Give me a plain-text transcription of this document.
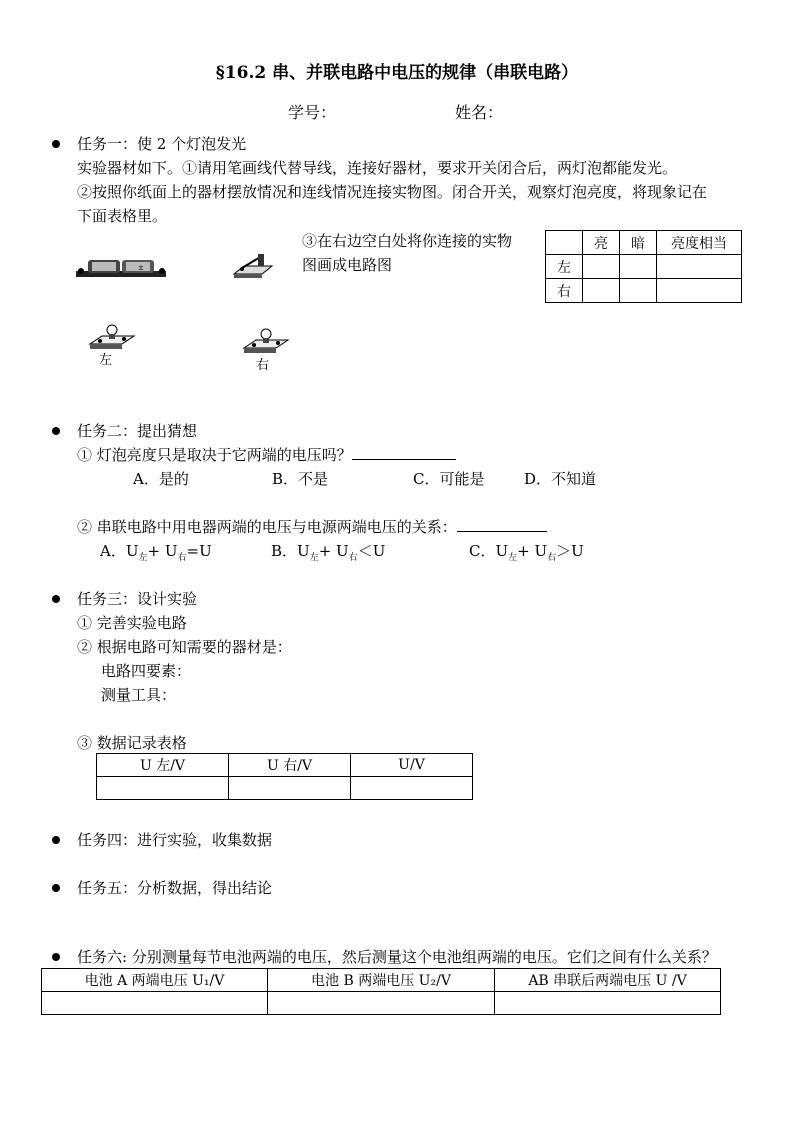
§16.2 串、并联电路中电压的规律（串联电路）
学号：	姓名：
任务一：使 2 个灯泡发光
实验器材如下。①请用笔画线代替导线，连接好器材，要求开关闭合后，两灯泡都能发光。
②按照你纸面上的器材摆放情况和连线情况连接实物图。闭合开关，观察灯泡亮度，将现象记在
下面表格里。
③在右边空白处将你连接的实物
图画成电路图
±
左	右
	亮	暗	亮度相当
左			
右			
任务二：提出猜想
① 灯泡亮度只是取决于它两端的电压吗？
A．是的	B．不是	C．可能是	D．不知道
② 串联电路中用电器两端的电压与电源两端电压的关系：
A．$U_左+ U_右=U$	B．$U_左+ U_右<U$	C．$U_左+ U_右>U$
任务三：设计实验
① 完善实验电路
② 根据电路可知需要的器材是：
电路四要素：
测量工具：
③ 数据记录表格
U 左/V	U 右/V	U/V

任务四：进行实验，收集数据
任务五：分析数据，得出结论
任务六: 分别测量每节电池两端的电压，然后测量这个电池组两端的电压。它们之间有什么关系？
电池 A 两端电压 U₁/V	电池 B 两端电压 U₂/V	AB 串联后两端电压 U /V
